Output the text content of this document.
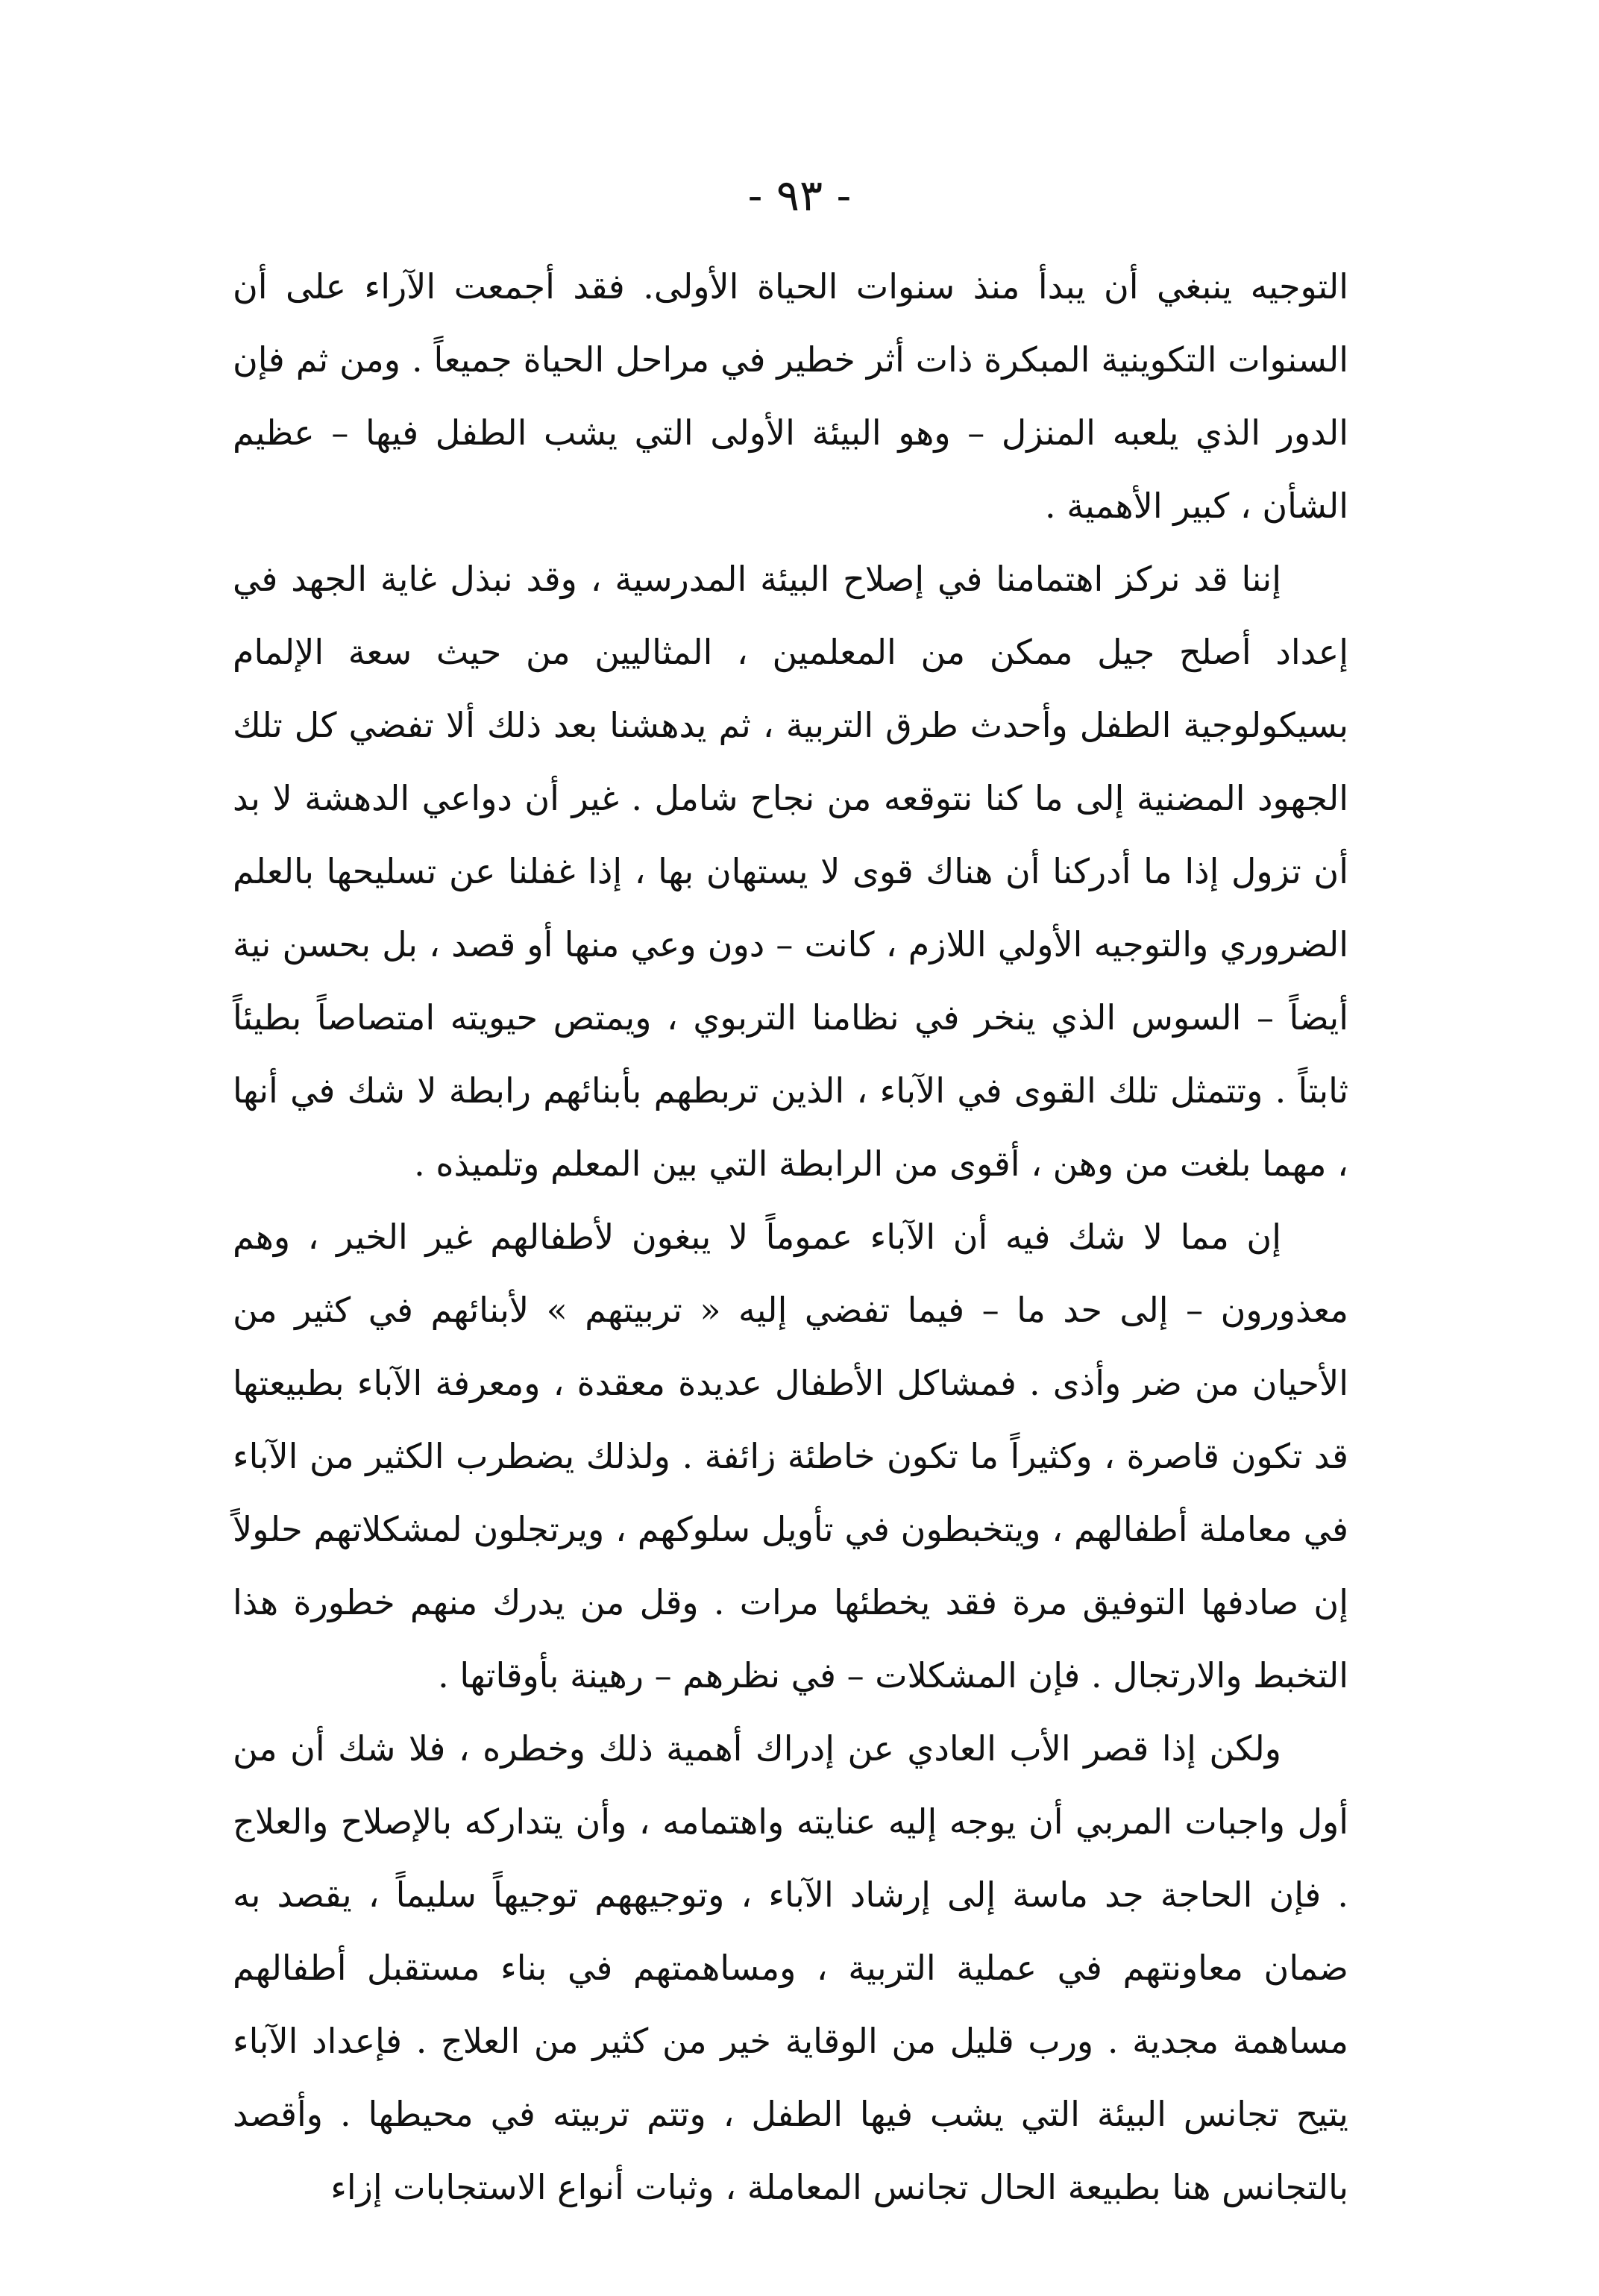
- ٩٣ -

التوجيه ينبغي أن يبدأ منذ سنوات الحياة الأولى. فقد أجمعت الآراء على أن السنوات التكوينية المبكرة ذات أثر خطير في مراحل الحياة جميعاً . ومن ثم فإن الدور الذي يلعبه المنزل – وهو البيئة الأولى التي يشب الطفل فيها – عظيم الشأن ، كبير الأهمية .

إننا قد نركز اهتمامنا في إصلاح البيئة المدرسية ، وقد نبذل غاية الجهد في إعداد أصلح جيل ممكن من المعلمين ، المثاليين من حيث سعة الإلمام بسيكولوجية الطفل وأحدث طرق التربية ، ثم يدهشنا بعد ذلك ألا تفضي كل تلك الجهود المضنية إلى ما كنا نتوقعه من نجاح شامل . غير أن دواعي الدهشة لا بد أن تزول إذا ما أدركنا أن هناك قوى لا يستهان بها ، إذا غفلنا عن تسليحها بالعلم الضروري والتوجيه الأولي اللازم ، كانت – دون وعي منها أو قصد ، بل بحسن نية أيضاً – السوس الذي ينخر في نظامنا التربوي ، ويمتص حيويته امتصاصاً بطيئاً ثابتاً . وتتمثل تلك القوى في الآباء ، الذين تربطهم بأبنائهم رابطة لا شك في أنها ، مهما بلغت من وهن ، أقوى من الرابطة التي بين المعلم وتلميذه .

إن مما لا شك فيه أن الآباء عموماً لا يبغون لأطفالهم غير الخير ، وهم معذورون – إلى حد ما – فيما تفضي إليه « تربيتهم » لأبنائهم في كثير من الأحيان من ضر وأذى . فمشاكل الأطفال عديدة معقدة ، ومعرفة الآباء بطبيعتها قد تكون قاصرة ، وكثيراً ما تكون خاطئة زائفة . ولذلك يضطرب الكثير من الآباء في معاملة أطفالهم ، ويتخبطون في تأويل سلوكهم ، ويرتجلون لمشكلاتهم حلولاً إن صادفها التوفيق مرة فقد يخطئها مرات . وقل من يدرك منهم خطورة هذا التخبط والارتجال . فإن المشكلات – في نظرهم – رهينة بأوقاتها .

ولكن إذا قصر الأب العادي عن إدراك أهمية ذلك وخطره ، فلا شك أن من أول واجبات المربي أن يوجه إليه عنايته واهتمامه ، وأن يتداركه بالإصلاح والعلاج . فإن الحاجة جد ماسة إلى إرشاد الآباء ، وتوجيههم توجيهاً سليماً ، يقصد به ضمان معاونتهم في عملية التربية ، ومساهمتهم في بناء مستقبل أطفالهم مساهمة مجدية . ورب قليل من الوقاية خير من كثير من العلاج . فإعداد الآباء يتيح تجانس البيئة التي يشب فيها الطفل ، وتتم تربيته في محيطها . وأقصد بالتجانس هنا بطبيعة الحال تجانس المعاملة ، وثبات أنواع الاستجابات إزاء
